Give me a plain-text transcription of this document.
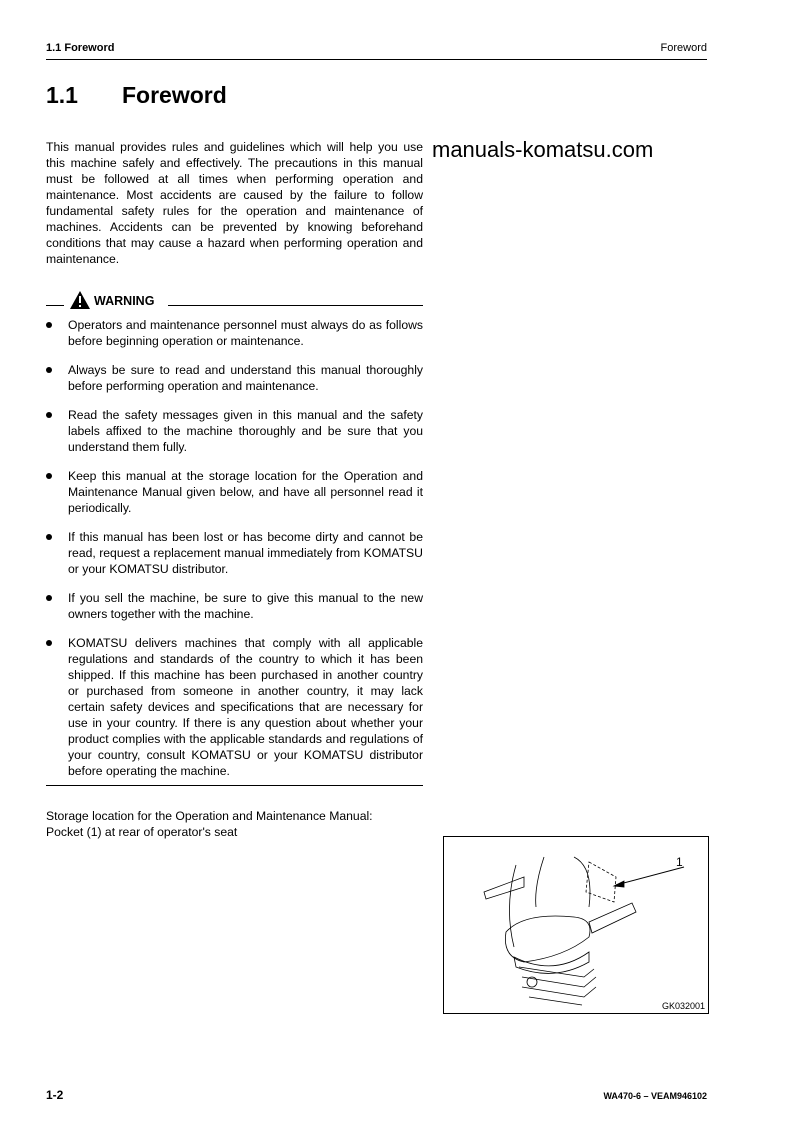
1.1 Foreword	Foreword
1.1 Foreword
manuals-komatsu.com
This manual provides rules and guidelines which will help you use this machine safely and effectively. The precautions in this manual must be followed at all times when performing operation and maintenance. Most accidents are caused by the failure to follow fundamental safety rules for the operation and maintenance of machines. Accidents can be prevented by knowing beforehand conditions that may cause a hazard when performing operation and maintenance.
WARNING
Operators and maintenance personnel must always do as follows before beginning operation or maintenance.
Always be sure to read and understand this manual thoroughly before performing operation and maintenance.
Read the safety messages given in this manual and the safety labels affixed to the machine thoroughly and be sure that you understand them fully.
Keep this manual at the storage location for the Operation and Maintenance Manual given below, and have all personnel read it periodically.
If this manual has been lost or has become dirty and cannot be read, request a replacement manual immediately from KOMATSU or your KOMATSU distributor.
If you sell the machine, be sure to give this manual to the new owners together with the machine.
KOMATSU delivers machines that comply with all applicable regulations and standards of the country to which it has been shipped. If this machine has been purchased in another country or purchased from someone in another country, it may lack certain safety devices and specifications that are necessary for use in your country. If there is any question about whether your product complies with the applicable standards and regulations of your country, consult KOMATSU or your KOMATSU distributor before operating the machine.
Storage location for the Operation and Maintenance Manual:
Pocket (1) at rear of operator's seat
1
GK032001
1-2	WA470-6 – VEAM946102
